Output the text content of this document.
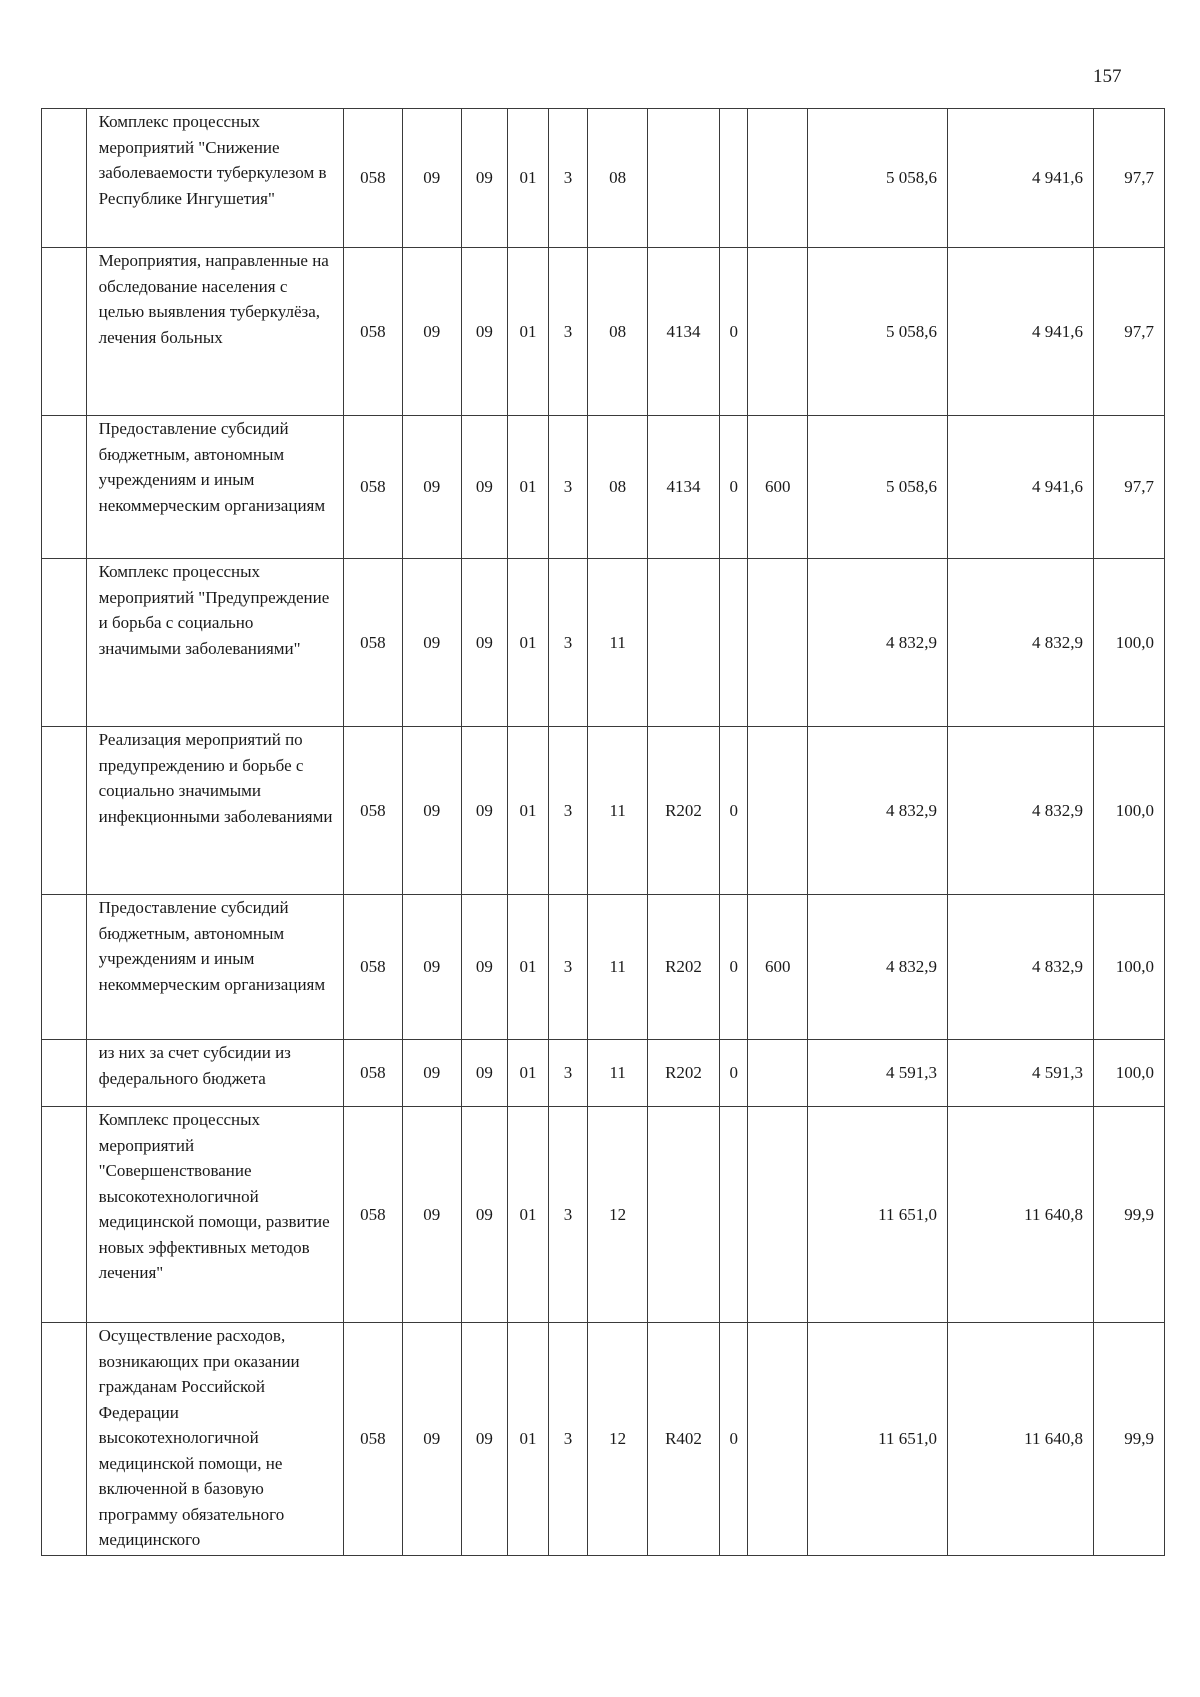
157
	Комплекс процессных мероприятий "Снижение заболеваемости туберкулезом в Республике Ингушетия"	058	09	09	01	3	08				5 058,6	4 941,6	97,7
	Мероприятия, направленные на обследование населения с целью выявления туберкулёза, лечения больных	058	09	09	01	3	08	4134	0		5 058,6	4 941,6	97,7
	Предоставление субсидий бюджетным, автономным учреждениям и иным некоммерческим организациям	058	09	09	01	3	08	4134	0	600	5 058,6	4 941,6	97,7
	Комплекс процессных мероприятий "Предупреждение и борьба с социально значимыми заболеваниями"	058	09	09	01	3	11				4 832,9	4 832,9	100,0
	Реализация мероприятий по предупреждению и борьбе с социально значимыми инфекционными заболеваниями	058	09	09	01	3	11	R202	0		4 832,9	4 832,9	100,0
	Предоставление субсидий бюджетным, автономным учреждениям и иным некоммерческим организациям	058	09	09	01	3	11	R202	0	600	4 832,9	4 832,9	100,0
	из них за счет субсидии из федерального бюджета	058	09	09	01	3	11	R202	0		4 591,3	4 591,3	100,0
	Комплекс процессных мероприятий "Совершенствование высокотехнологичной медицинской помощи, развитие новых эффективных методов лечения"	058	09	09	01	3	12				11 651,0	11 640,8	99,9
	Осуществление расходов, возникающих при оказании гражданам Российской Федерации высокотехнологичной медицинской помощи, не включенной в базовую программу обязательного медицинского	058	09	09	01	3	12	R402	0		11 651,0	11 640,8	99,9
